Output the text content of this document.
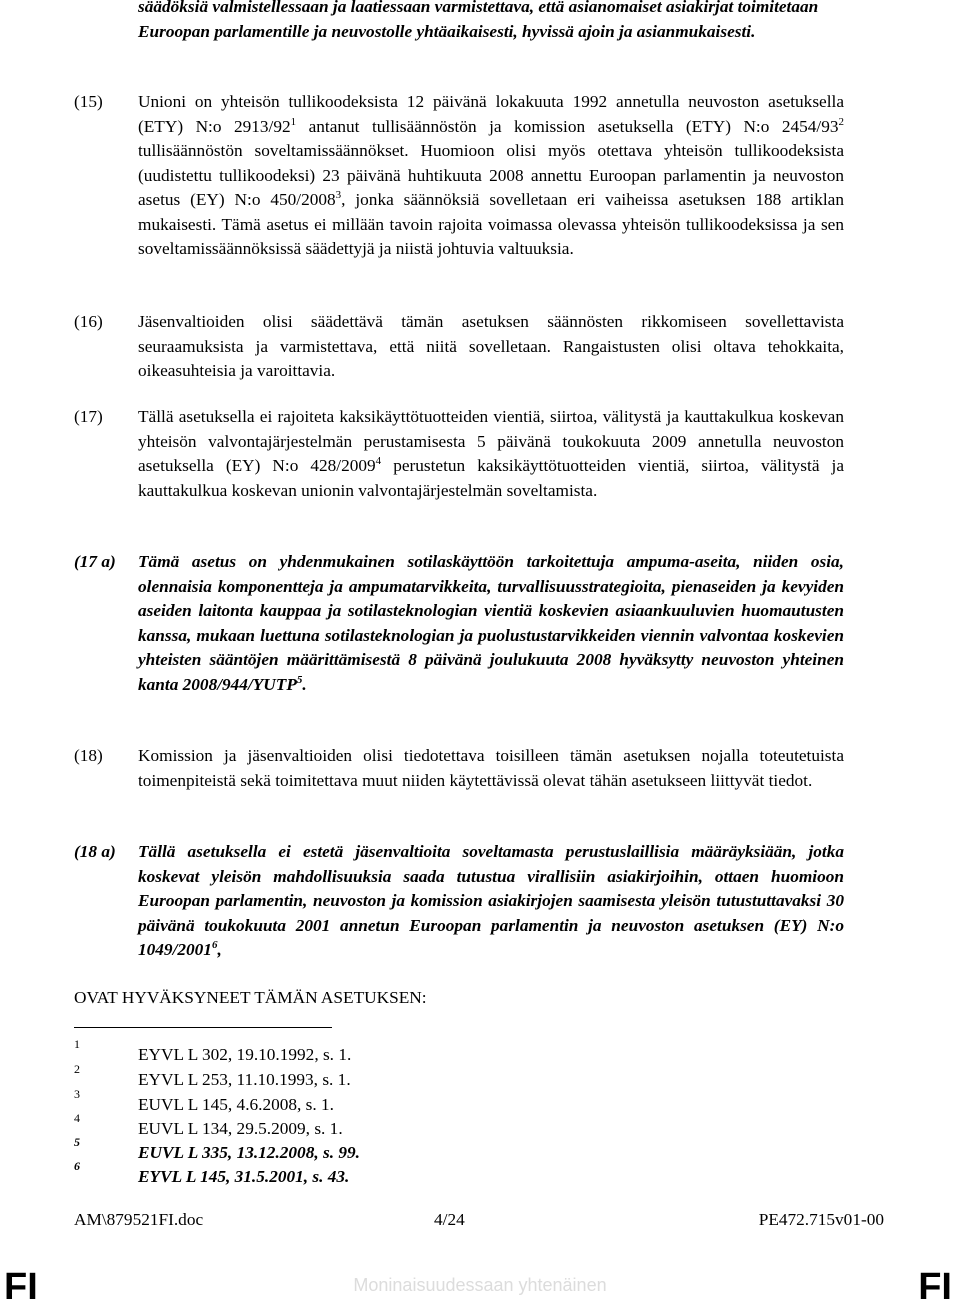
säädöksiä valmistellessaan ja laatiessaan varmistettava, että asianomaiset asiakirjat toimitetaan Euroopan parlamentille ja neuvostolle yhtäaikaisesti, hyvissä ajoin ja asianmukaisesti.
(15) Unioni on yhteisön tullikoodeksista 12 päivänä lokakuuta 1992 annetulla neuvoston asetuksella (ETY) N:o $2913/92^1$ antanut tullisäännöstön ja komission asetuksella (ETY) N:o $2454/93^2$ tullisäännöstön soveltamissäännökset. Huomioon olisi myös otettava yhteisön tullikoodeksista (uudistettu tullikoodeksi) 23 päivänä huhtikuuta 2008 annettu Euroopan parlamentin ja neuvoston asetus (EY) N:o 450/2008$^3$, jonka säännöksiä sovelletaan eri vaiheissa asetuksen 188 artiklan mukaisesti. Tämä asetus ei millään tavoin rajoita voimassa olevassa yhteisön tullikoodeksissa ja sen soveltamissäännöksissä säädettyjä ja niistä johtuvia valtuuksia.
(16) Jäsenvaltioiden olisi säädettävä tämän asetuksen säännösten rikkomiseen sovellettavista seuraamuksista ja varmistettava, että niitä sovelletaan. Rangaistusten olisi oltava tehokkaita, oikeasuhteisia ja varoittavia.
(17) Tällä asetuksella ei rajoiteta kaksikäyttötuotteiden vientiä, siirtoa, välitystä ja kauttakulkua koskevan yhteisön valvontajärjestelmän perustamisesta 5 päivänä toukokuuta 2009 annetulla neuvoston asetuksella (EY) N:o 428/2009$^4$ perustetun kaksikäyttötuotteiden vientiä, siirtoa, välitystä ja kauttakulkua koskevan unionin valvontajärjestelmän soveltamista.
(17 a) Tämä asetus on yhdenmukainen sotilaskäyttöön tarkoitettuja ampuma-aseita, niiden osia, olennaisia komponentteja ja ampumatarvikkeita, turvallisuusstrategioita, pienaseiden ja kevyiden aseiden laitonta kauppaa ja sotilasteknologian vientiä koskevien asiaankuuluvien huomautusten kanssa, mukaan luettuna sotilasteknologian ja puolustustarvikkeiden viennin valvontaa koskevien yhteisten sääntöjen määrittämisestä 8 päivänä joulukuuta 2008 hyväksytty neuvoston yhteinen kanta 2008/944/YUTP$^5$.
(18) Komission ja jäsenvaltioiden olisi tiedotettava toisilleen tämän asetuksen nojalla toteutetuista toimenpiteistä sekä toimitettava muut niiden käytettävissä olevat tähän asetukseen liittyvät tiedot.
(18 a) Tällä asetuksella ei estetä jäsenvaltioita soveltamasta perustuslaillisia määräyksiään, jotka koskevat yleisön mahdollisuuksia saada tutustua virallisiin asiakirjoihin, ottaen huomioon Euroopan parlamentin, neuvoston ja komission asiakirjojen saamisesta yleisön tutustuttavaksi 30 päivänä toukokuuta 2001 annetun Euroopan parlamentin ja neuvoston asetuksen (EY) N:o 1049/2001$^6$,
OVAT HYVÄKSYNEET TÄMÄN ASETUKSEN:
1
EYVL L 302, 19.10.1992, s. 1.
2
EYVL L 253, 11.10.1993, s. 1.
3
EUVL L 145, 4.6.2008, s. 1.
4
EUVL L 134, 29.5.2009, s. 1.
5
EUVL L 335, 13.12.2008, s. 99.
6
EYVL L 145, 31.5.2001, s. 43.
AM\879521FI.doc	4/24	PE472.715v01-00
FI	Moninaisuudessaan yhtenäinen	FI
